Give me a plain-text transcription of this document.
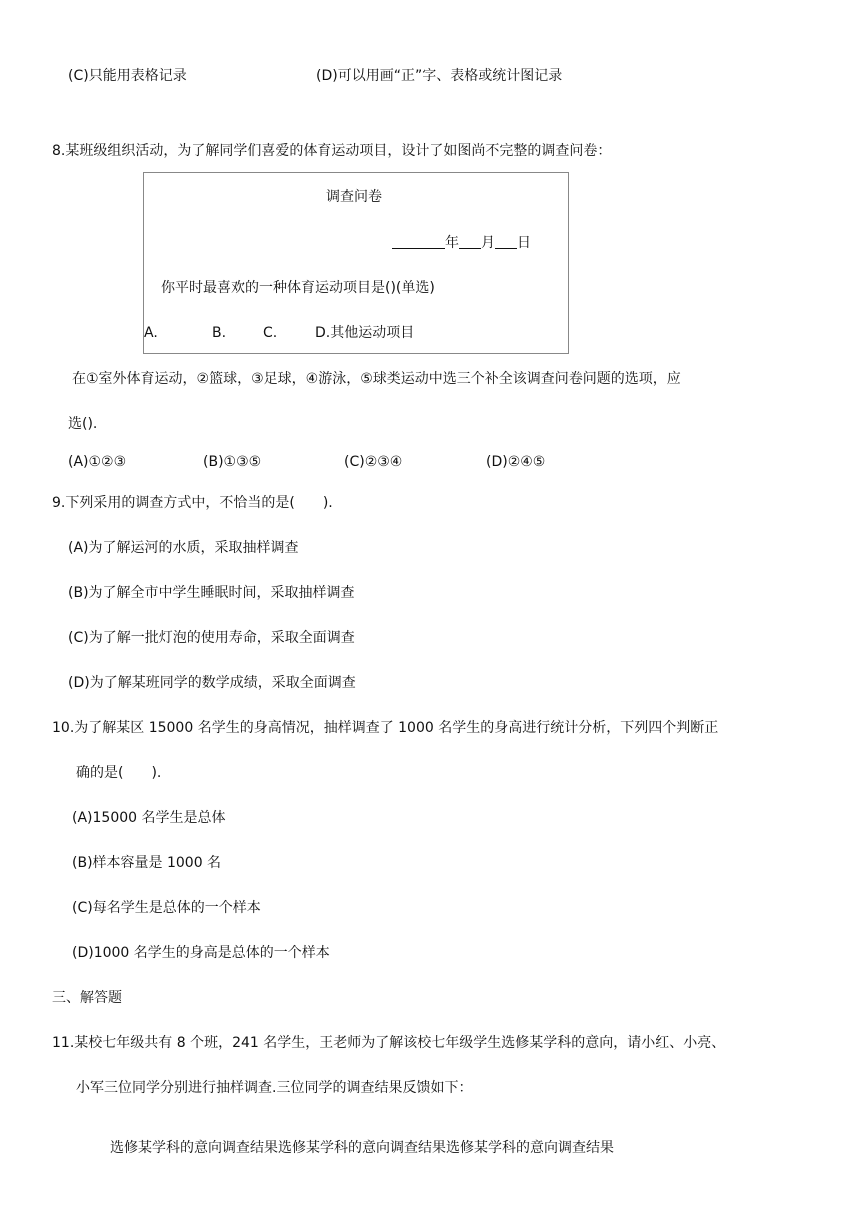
(C)只能用表格记录	(D)可以用画“正”字、表格或统计图记录
8.某班级组织活动，为了解同学们喜爱的体育运动项目，设计了如图尚不完整的调查问卷：
调查问卷
年 月 日
你平时最喜欢的一种体育运动项目是()(单选)
A.	B.	C.	D.其他运动项目
在①室外体育运动，②篮球，③足球，④游泳，⑤球类运动中选三个补全该调查问卷问题的选项，应
选().
(A)①②③	(B)①③⑤	(C)②③④	(D)②④⑤
9.下列采用的调查方式中，不恰当的是(　　).
(A)为了解运河的水质，采取抽样调查
(B)为了解全市中学生睡眠时间，采取抽样调查
(C)为了解一批灯泡的使用寿命，采取全面调查
(D)为了解某班同学的数学成绩，采取全面调查
10.为了解某区 15000 名学生的身高情况，抽样调查了 1000 名学生的身高进行统计分析，下列四个判断正
确的是(　　).
(A)15000 名学生是总体
(B)样本容量是 1000 名
(C)每名学生是总体的一个样本
(D)1000 名学生的身高是总体的一个样本
三、解答题
11.某校七年级共有 8 个班，241 名学生，王老师为了解该校七年级学生选修某学科的意向，请小红、小亮、
小军三位同学分别进行抽样调查.三位同学的调查结果反馈如下：
选修某学科的意向调查结果选修某学科的意向调查结果选修某学科的意向调查结果
